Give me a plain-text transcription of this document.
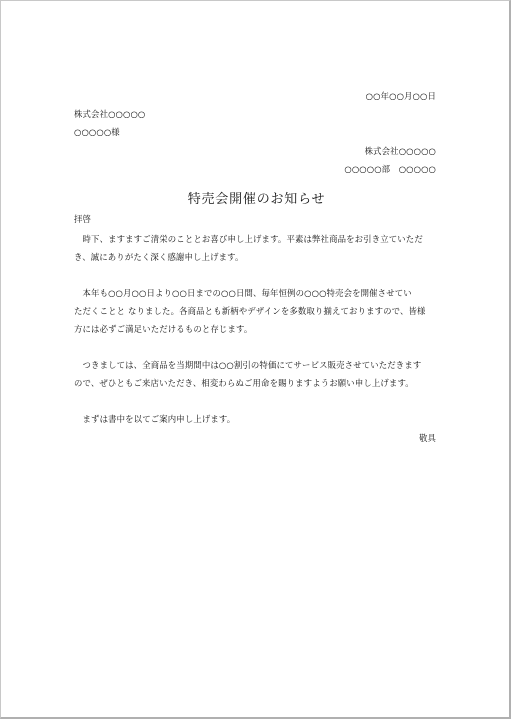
○○年○○月○○日
株式会社○○○○○
○○○○○様
株式会社○○○○○
○○○○○部　○○○○○
特売会開催のお知らせ
拝啓
　時下、ますますご清栄のこととお喜び申し上げます。平素は弊社商品をお引き立ていただ
き、誠にありがたく深く感謝申し上げます。
　本年も○○月○○日より○○日までの○○日間、毎年恒例の○○○特売会を開催させてい
ただくことと なりました。各商品とも新柄やデザインを多数取り揃えておりますので、皆様
方には必ずご満足いただけるものと存じます。
　つきましては、全商品を当期間中は○○割引の特価にてサービス販売させていただきます
ので、ぜひともご来店いただき、相変わらぬご用命を賜りますようお願い申し上げます。
　まずは書中を以てご案内申し上げます。
敬具
